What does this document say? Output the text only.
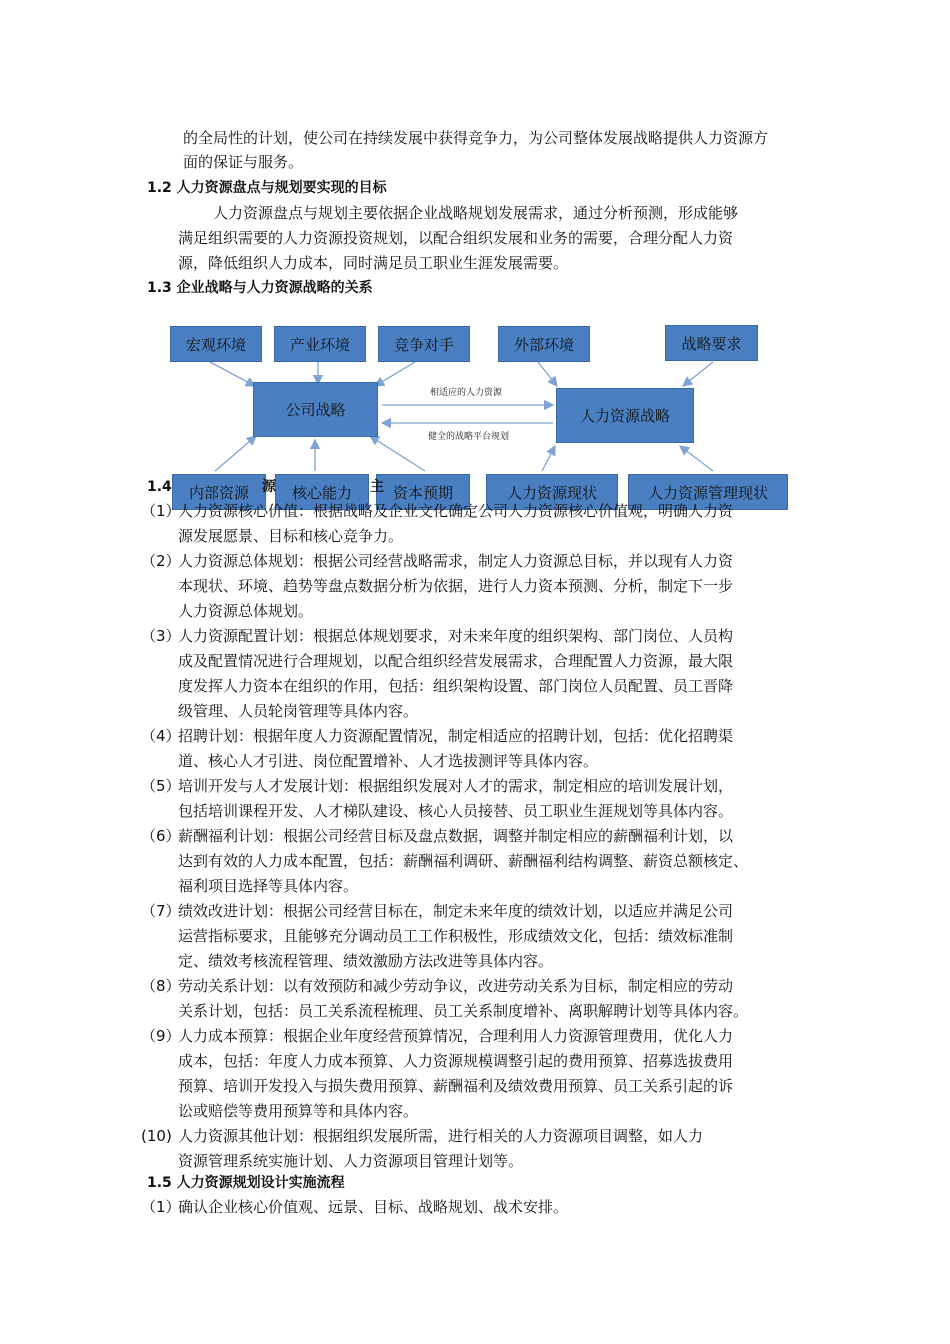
的全局性的计划，使公司在持续发展中获得竞争力，为公司整体发展战略提供人力资源方
面的保证与服务。
1.2 人力资源盘点与规划要实现的目标
人力资源盘点与规划主要依据企业战略规划发展需求，通过分析预测，形成能够
满足组织需要的人力资源投资规划，以配合组织发展和业务的需要，合理分配人力资
源，降低组织人力成本，同时满足员工职业生涯发展需要。
1.3 企业战略与人力资源战略的关系
宏观环境	产业环境	竞争对手	外部环境	战略要求
公司战略	人力资源战略
相适应的人力资源
健全的战略平台规划
内部资源	核心能力	资本预期	人力资源现状	人力资源管理现状
1.4	源	主
（1）
人力资源核心价值：根据战略及企业文化确定公司人力资源核心价值观，明确人力资
源发展愿景、目标和核心竞争力。
（2）
人力资源总体规划：根据公司经营战略需求，制定人力资源总目标，并以现有人力资
本现状、环境、趋势等盘点数据分析为依据，进行人力资本预测、分析，制定下一步
人力资源总体规划。
（3）
人力资源配置计划：根据总体规划要求，对未来年度的组织架构、部门岗位、人员构
成及配置情况进行合理规划，以配合组织经营发展需求，合理配置人力资源，最大限
度发挥人力资本在组织的作用，包括：组织架构设置、部门岗位人员配置、员工晋降
级管理、人员轮岗管理等具体内容。
（4）
招聘计划：根据年度人力资源配置情况，制定相适应的招聘计划，包括：优化招聘渠
道、核心人才引进、岗位配置增补、人才选拔测评等具体内容。
（5）
培训开发与人才发展计划：根据组织发展对人才的需求，制定相应的培训发展计划，
包括培训课程开发、人才梯队建设、核心人员接替、员工职业生涯规划等具体内容。
（6）
薪酬福利计划：根据公司经营目标及盘点数据，调整并制定相应的薪酬福利计划，以
达到有效的人力成本配置，包括：薪酬福利调研、薪酬福利结构调整、薪资总额核定、
福利项目选择等具体内容。
（7）
绩效改进计划：根据公司经营目标在，制定未来年度的绩效计划，以适应并满足公司
运营指标要求，且能够充分调动员工工作积极性，形成绩效文化，包括：绩效标准制
定、绩效考核流程管理、绩效激励方法改进等具体内容。
（8）
劳动关系计划：以有效预防和减少劳动争议，改进劳动关系为目标，制定相应的劳动
关系计划，包括：员工关系流程梳理、员工关系制度增补、离职解聘计划等具体内容。
（9）
人力成本预算：根据企业年度经营预算情况，合理利用人力资源管理费用，优化人力
成本，包括：年度人力成本预算、人力资源规模调整引起的费用预算、招募选拔费用
预算、培训开发投入与损失费用预算、薪酬福利及绩效费用预算、员工关系引起的诉
讼或赔偿等费用预算等和具体内容。
(10) 人力资源其他计划：根据组织发展所需，进行相关的人力资源项目调整，如人力
资源管理系统实施计划、人力资源项目管理计划等。
1.5 人力资源规划设计实施流程
（1）
确认企业核心价值观、远景、目标、战略规划、战术安排。
